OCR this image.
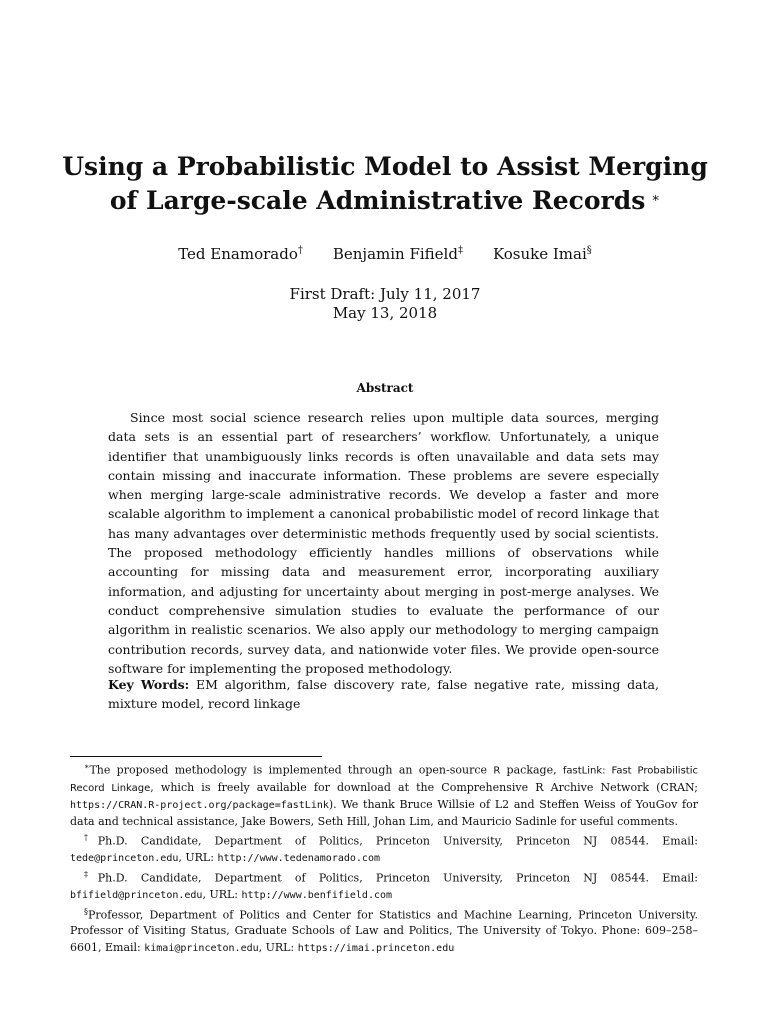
Using a Probabilistic Model to Assist Merging
of Large-scale Administrative Records ∗
Ted Enamorado† Benjamin Fifield‡ Kosuke Imai§
First Draft: July 11, 2017
May 13, 2018
Abstract
Since most social science research relies upon multiple data sources, merging data sets is an essential part of researchers’ workflow. Unfortunately, a unique identifier that unambiguously links records is often unavailable and data sets may contain missing and inaccurate information. These problems are severe especially when merging large-scale administrative records. We develop a faster and more scalable algorithm to implement a canonical probabilistic model of record linkage that has many advantages over deterministic methods frequently used by social scientists. The proposed methodology efficiently handles millions of observations while accounting for missing data and measurement error, incorporating auxiliary information, and adjusting for uncertainty about merging in post-merge analyses. We conduct comprehensive simulation studies to evaluate the performance of our algorithm in realistic scenarios. We also apply our methodology to merging campaign contribution records, survey data, and nationwide voter files. We provide open-source software for implementing the proposed methodology.
Key Words: EM algorithm, false discovery rate, false negative rate, missing data, mixture model, record linkage

∗The proposed methodology is implemented through an open-source R package, fastLink: Fast Probabilistic Record Linkage, which is freely available for download at the Comprehensive R Archive Network (CRAN; https://CRAN.R-project.org/package=fastLink). We thank Bruce Willsie of L2 and Steffen Weiss of YouGov for data and technical assistance, Jake Bowers, Seth Hill, Johan Lim, and Mauricio Sadinle for useful comments.

†Ph.D. Candidate, Department of Politics, Princeton University, Princeton NJ 08544. Email: tede@princeton.edu, URL: http://www.tedenamorado.com

‡Ph.D. Candidate, Department of Politics, Princeton University, Princeton NJ 08544. Email: bfifield@princeton.edu, URL: http://www.benfifield.com

§Professor, Department of Politics and Center for Statistics and Machine Learning, Princeton University. Professor of Visiting Status, Graduate Schools of Law and Politics, The University of Tokyo. Phone: 609–258–6601, Email: kimai@princeton.edu, URL: https://imai.princeton.edu
